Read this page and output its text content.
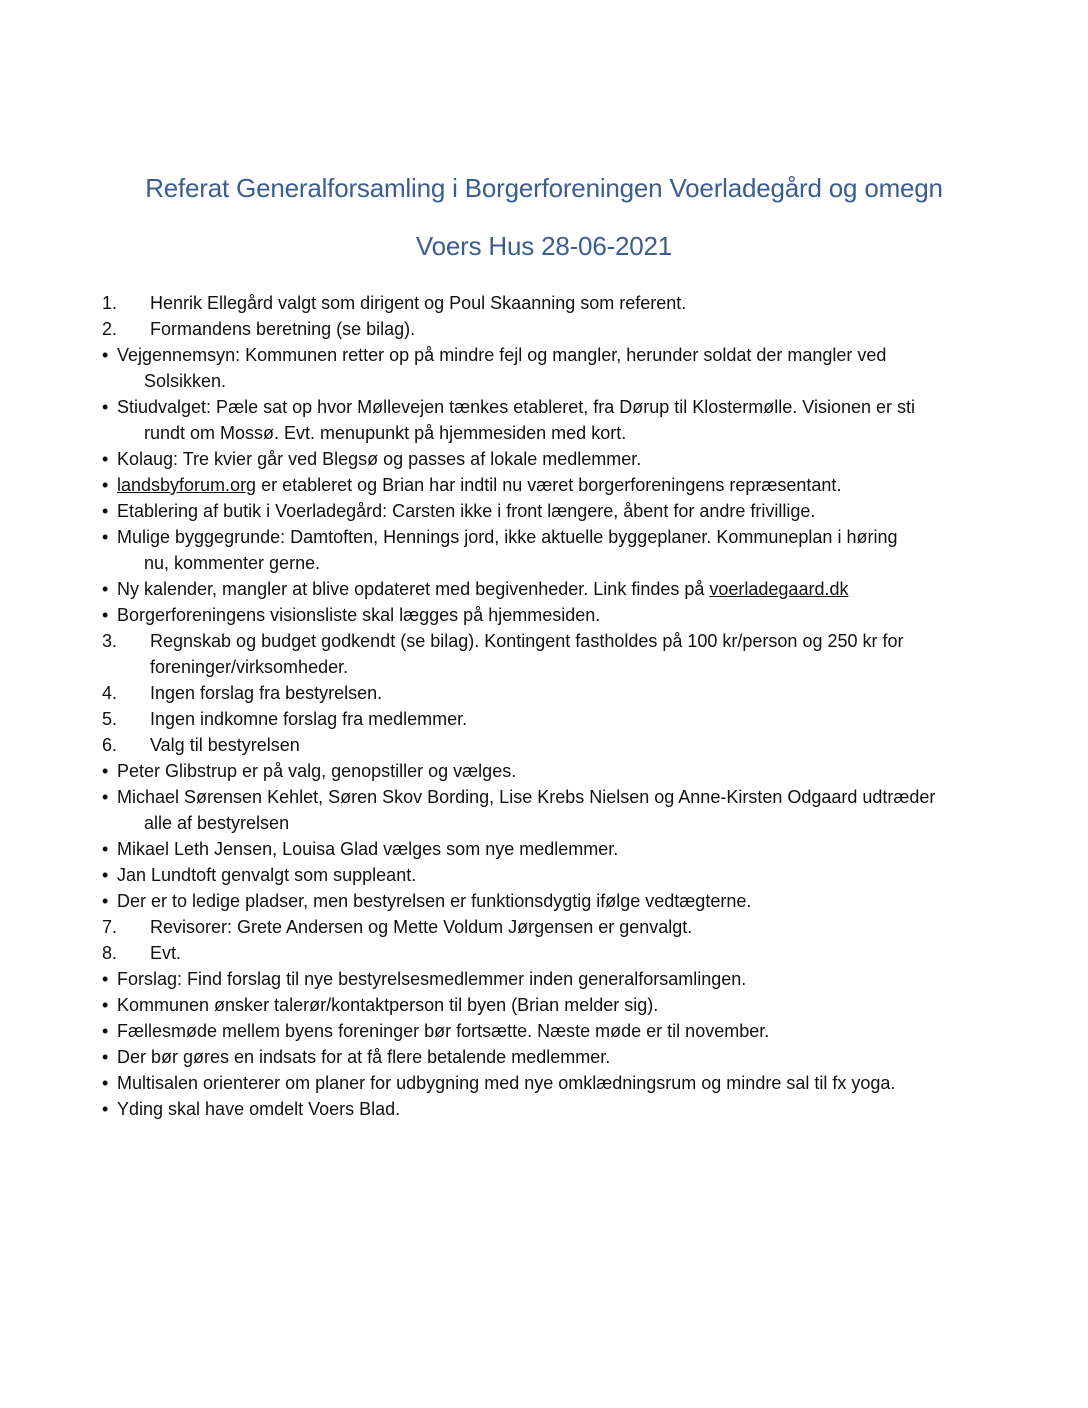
Referat Generalforsamling i Borgerforeningen Voerladegård og omegn
Voers Hus 28-06-2021
1. Henrik Ellegård valgt som dirigent og Poul Skaanning som referent.
2. Formandens beretning (se bilag).
• Vejgennemsyn: Kommunen retter op på mindre fejl og mangler, herunder soldat der mangler ved
Solsikken.
• Stiudvalget: Pæle sat op hvor Møllevejen tænkes etableret, fra Dørup til Klostermølle. Visionen er sti
rundt om Mossø. Evt. menupunkt på hjemmesiden med kort.
• Kolaug: Tre kvier går ved Blegsø og passes af lokale medlemmer.
• landsbyforum.org er etableret og Brian har indtil nu været borgerforeningens repræsentant.
• Etablering af butik i Voerladegård: Carsten ikke i front længere, åbent for andre frivillige.
• Mulige byggegrunde: Damtoften, Hennings jord, ikke aktuelle byggeplaner. Kommuneplan i høring
nu, kommenter gerne.
• Ny kalender, mangler at blive opdateret med begivenheder. Link findes på voerladegaard.dk
• Borgerforeningens visionsliste skal lægges på hjemmesiden.
3. Regnskab og budget godkendt (se bilag). Kontingent fastholdes på 100 kr/person og 250 kr for
foreninger/virksomheder.
4. Ingen forslag fra bestyrelsen.
5. Ingen indkomne forslag fra medlemmer.
6. Valg til bestyrelsen
• Peter Glibstrup er på valg, genopstiller og vælges.
• Michael Sørensen Kehlet, Søren Skov Bording, Lise Krebs Nielsen og Anne-Kirsten Odgaard udtræder
alle af bestyrelsen
• Mikael Leth Jensen, Louisa Glad vælges som nye medlemmer.
• Jan Lundtoft genvalgt som suppleant.
• Der er to ledige pladser, men bestyrelsen er funktionsdygtig ifølge vedtægterne.
7. Revisorer: Grete Andersen og Mette Voldum Jørgensen er genvalgt.
8. Evt.
• Forslag: Find forslag til nye bestyrelsesmedlemmer inden generalforsamlingen.
• Kommunen ønsker talerør/kontaktperson til byen (Brian melder sig).
• Fællesmøde mellem byens foreninger bør fortsætte. Næste møde er til november.
• Der bør gøres en indsats for at få flere betalende medlemmer.
• Multisalen orienterer om planer for udbygning med nye omklædningsrum og mindre sal til fx yoga.
• Yding skal have omdelt Voers Blad.
